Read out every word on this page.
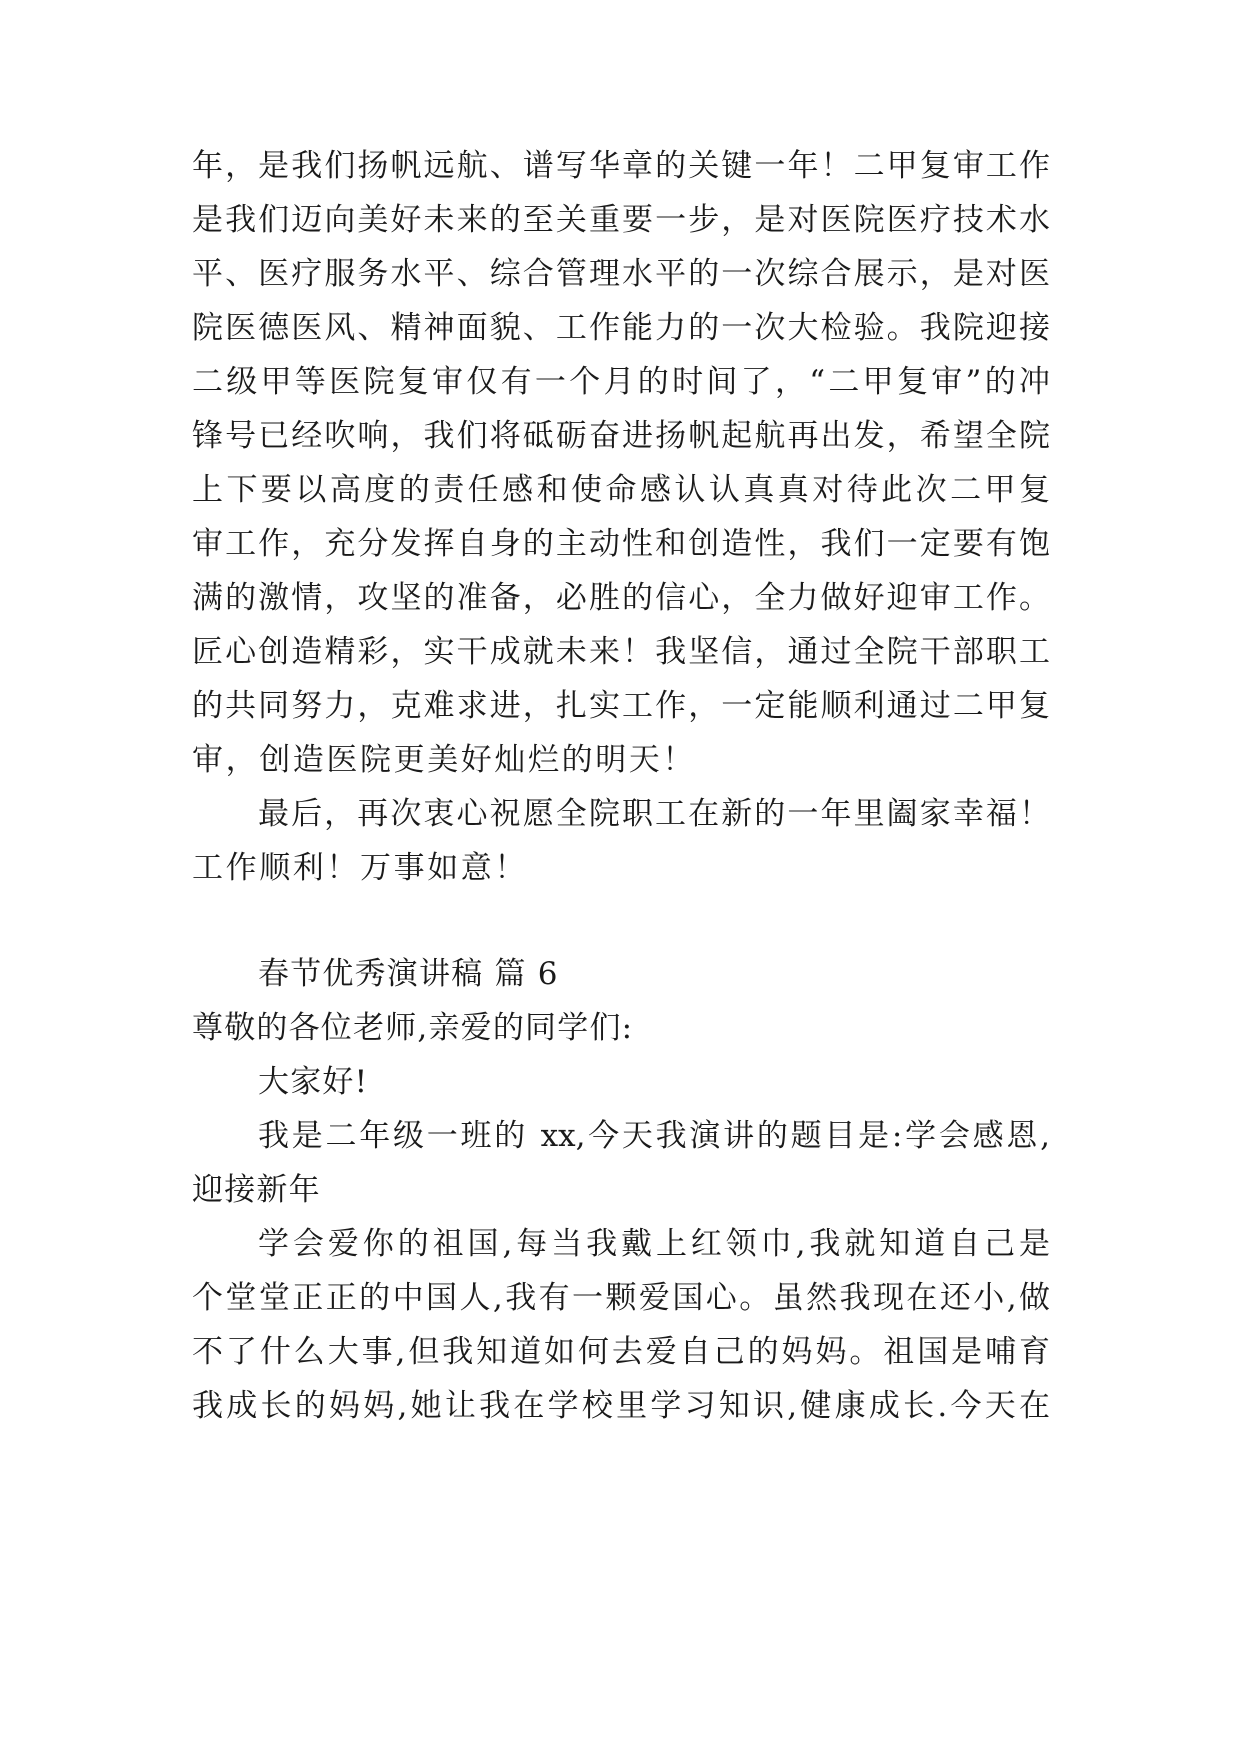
年，是我们扬帆远航、谱写华章的关键一年！二甲复审工作
是我们迈向美好未来的至关重要一步，是对医院医疗技术水
平、医疗服务水平、综合管理水平的一次综合展示，是对医
院医德医风、精神面貌、工作能力的一次大检验。我院迎接
二级甲等医院复审仅有一个月的时间了，“二甲复审”的冲
锋号已经吹响，我们将砥砺奋进扬帆起航再出发，希望全院
上下要以高度的责任感和使命感认认真真对待此次二甲复
审工作，充分发挥自身的主动性和创造性，我们一定要有饱
满的激情，攻坚的准备，必胜的信心，全力做好迎审工作。
匠心创造精彩，实干成就未来！我坚信，通过全院干部职工
的共同努力，克难求进，扎实工作，一定能顺利通过二甲复
审，创造医院更美好灿烂的明天！
最后，再次衷心祝愿全院职工在新的一年里阖家幸福！
工作顺利！万事如意！
春节优秀演讲稿 篇 6
尊敬的各位老师,亲爱的同学们:
大家好!
我是二年级一班的 xx,今天我演讲的题目是:学会感恩,
迎接新年
学会爱你的祖国,每当我戴上红领巾,我就知道自己是
个堂堂正正的中国人,我有一颗爱国心。虽然我现在还小,做
不了什么大事,但我知道如何去爱自己的妈妈。祖国是哺育
我成长的妈妈,她让我在学校里学习知识,健康成长.今天在
